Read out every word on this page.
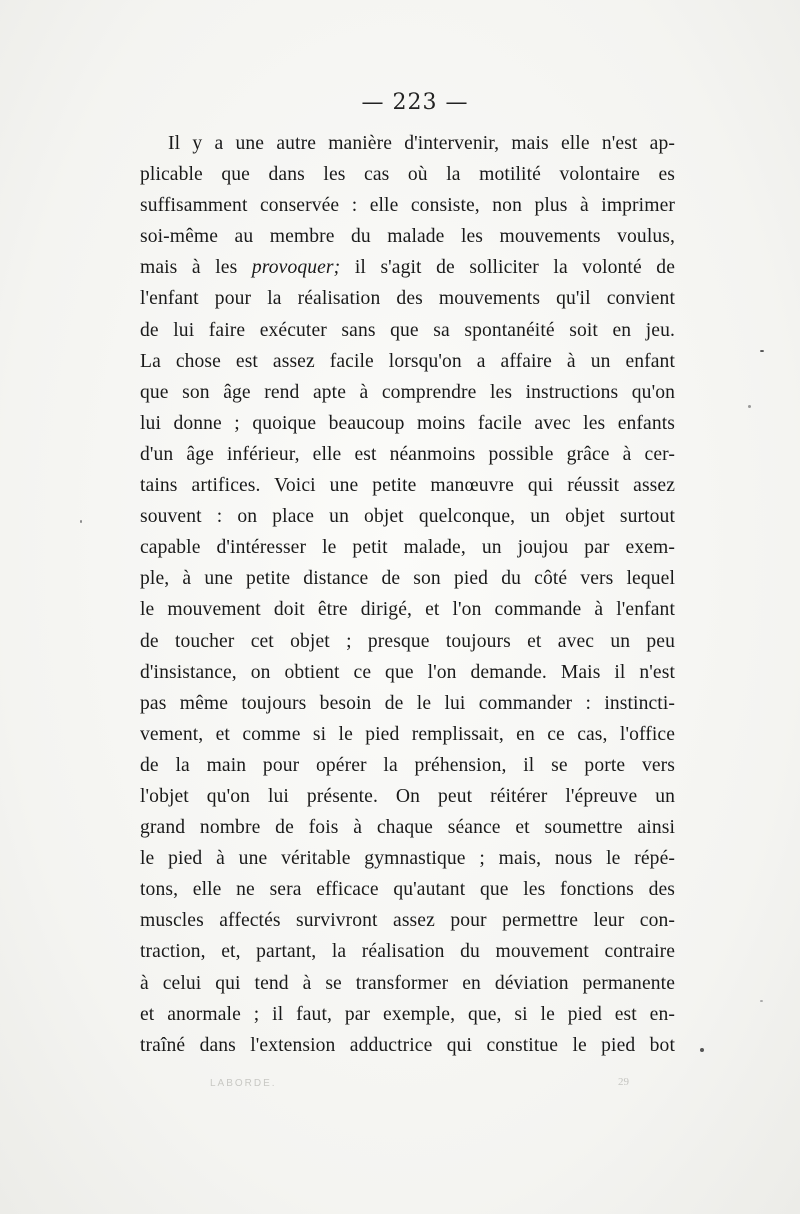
— 223 —
Il y a une autre manière d'intervenir, mais elle n'est ap-
plicable que dans les cas où la motilité volontaire es
suffisamment conservée : elle consiste, non plus à imprimer
soi-même au membre du malade les mouvements voulus,
mais à les provoquer; il s'agit de solliciter la volonté de
l'enfant pour la réalisation des mouvements qu'il convient
de lui faire exécuter sans que sa spontanéité soit en jeu.
La chose est assez facile lorsqu'on a affaire à un enfant
que son âge rend apte à comprendre les instructions qu'on
lui donne ; quoique beaucoup moins facile avec les enfants
d'un âge inférieur, elle est néanmoins possible grâce à cer-
tains artifices. Voici une petite manœuvre qui réussit assez
souvent : on place un objet quelconque, un objet surtout
capable d'intéresser le petit malade, un joujou par exem-
ple, à une petite distance de son pied du côté vers lequel
le mouvement doit être dirigé, et l'on commande à l'enfant
de toucher cet objet ; presque toujours et avec un peu
d'insistance, on obtient ce que l'on demande. Mais il n'est
pas même toujours besoin de le lui commander : instincti-
vement, et comme si le pied remplissait, en ce cas, l'office
de la main pour opérer la préhension, il se porte vers
l'objet qu'on lui présente. On peut réitérer l'épreuve un
grand nombre de fois à chaque séance et soumettre ainsi
le pied à une véritable gymnastique ; mais, nous le répé-
tons, elle ne sera efficace qu'autant que les fonctions des
muscles affectés survivront assez pour permettre leur con-
traction, et, partant, la réalisation du mouvement contraire
à celui qui tend à se transformer en déviation permanente
et anormale ; il faut, par exemple, que, si le pied est en-
traîné dans l'extension adductrice qui constitue le pied bot
LABORDE.	29
